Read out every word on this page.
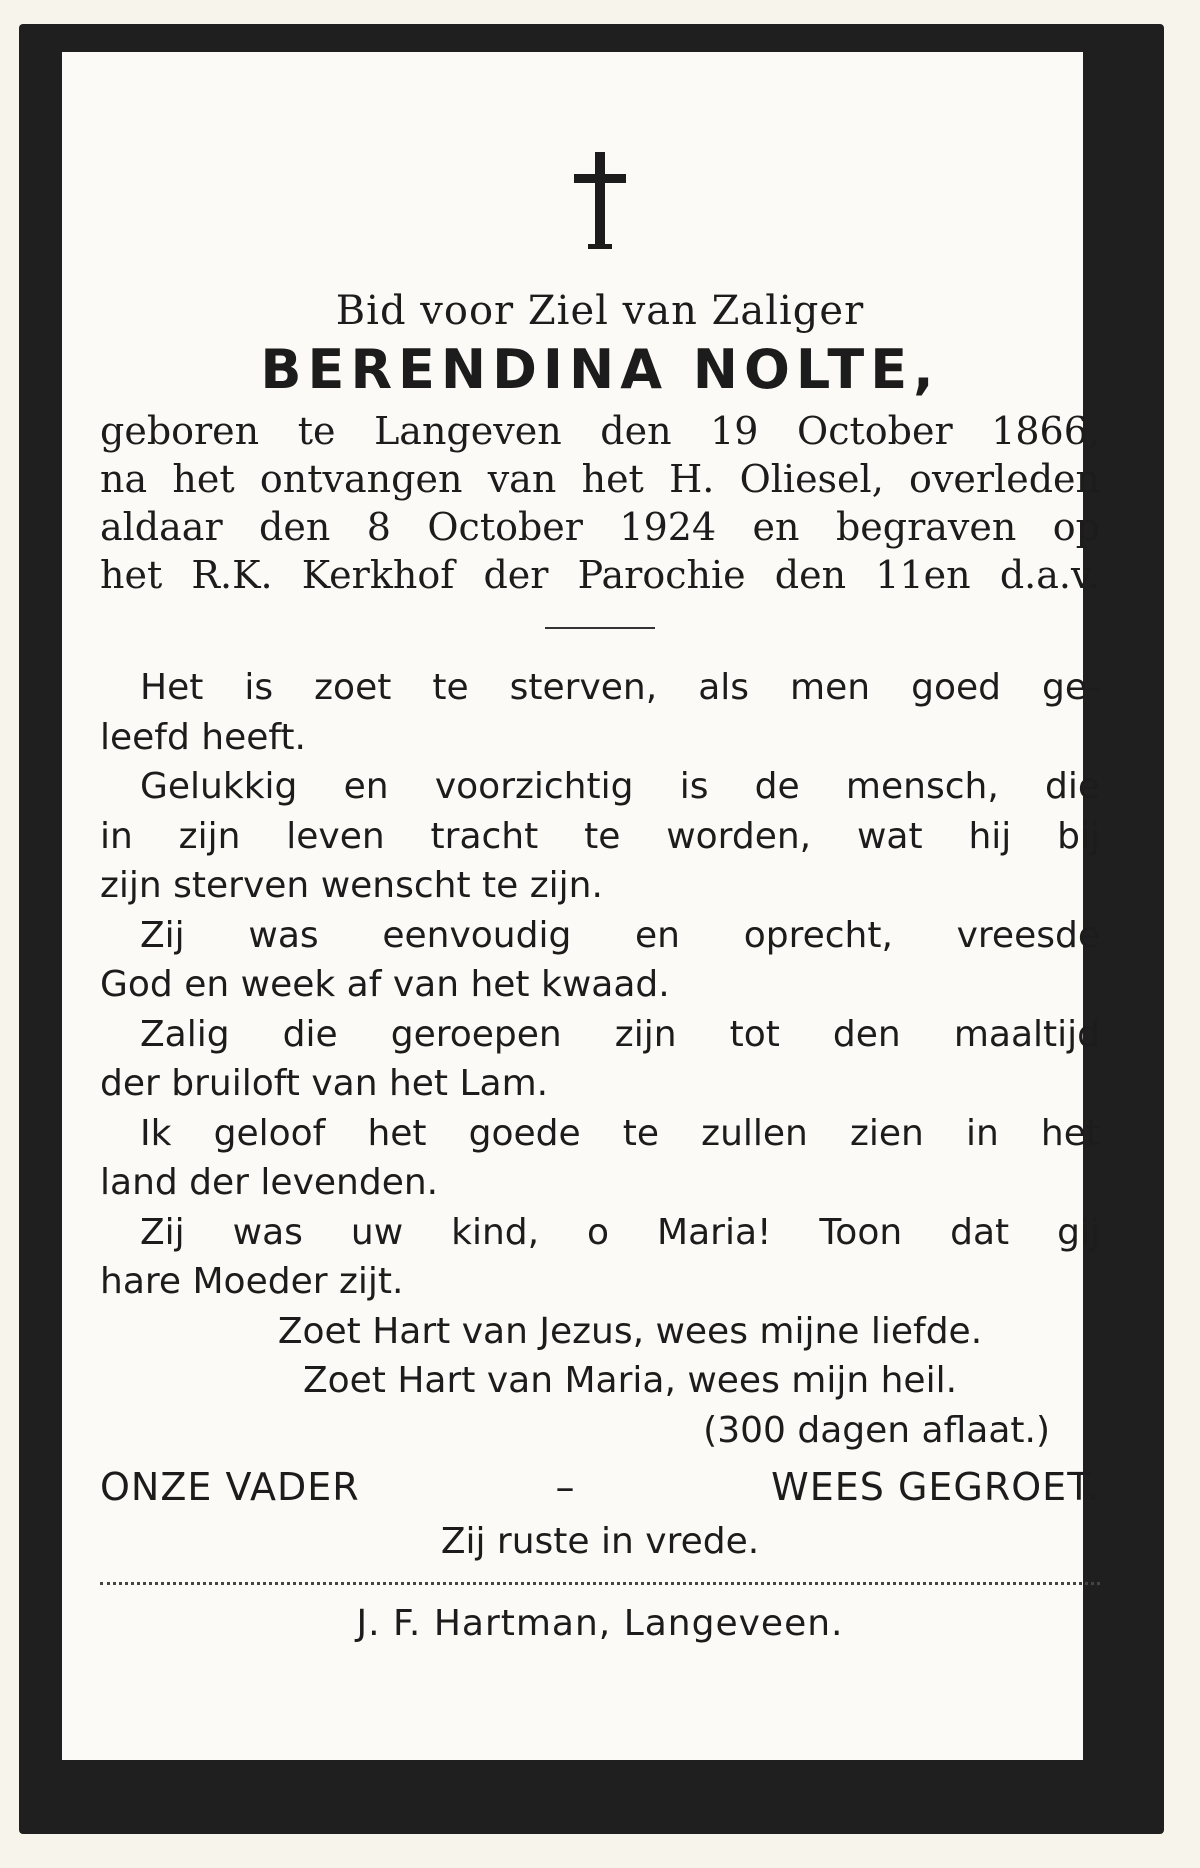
Bid voor Ziel van Zaliger
BERENDINA NOLTE,
geboren te Langeven den 19 October 1866,
na het ontvangen van het H. Oliesel, overleden
aldaar den 8 October 1924 en begraven op
het R.K. Kerkhof der Parochie den 11en d.a.v.
Het is zoet te sterven, als men goed ge-
leefd heeft.
Gelukkig en voorzichtig is de mensch, die
in zijn leven tracht te worden, wat hij bij
zijn sterven wenscht te zijn.
Zij was eenvoudig en oprecht, vreesde
God en week af van het kwaad.
Zalig die geroepen zijn tot den maaltijd
der bruiloft van het Lam.
Ik geloof het goede te zullen zien in het
land der levenden.
Zij was uw kind, o Maria! Toon dat gij
hare Moeder zijt.
Zoet Hart van Jezus, wees mijne liefde.
Zoet Hart van Maria, wees mijn heil.
(300 dagen aflaat.)
ONZE VADER	–	WEES GEGROET.
Zij ruste in vrede.
J. F. Hartman, Langeveen.
